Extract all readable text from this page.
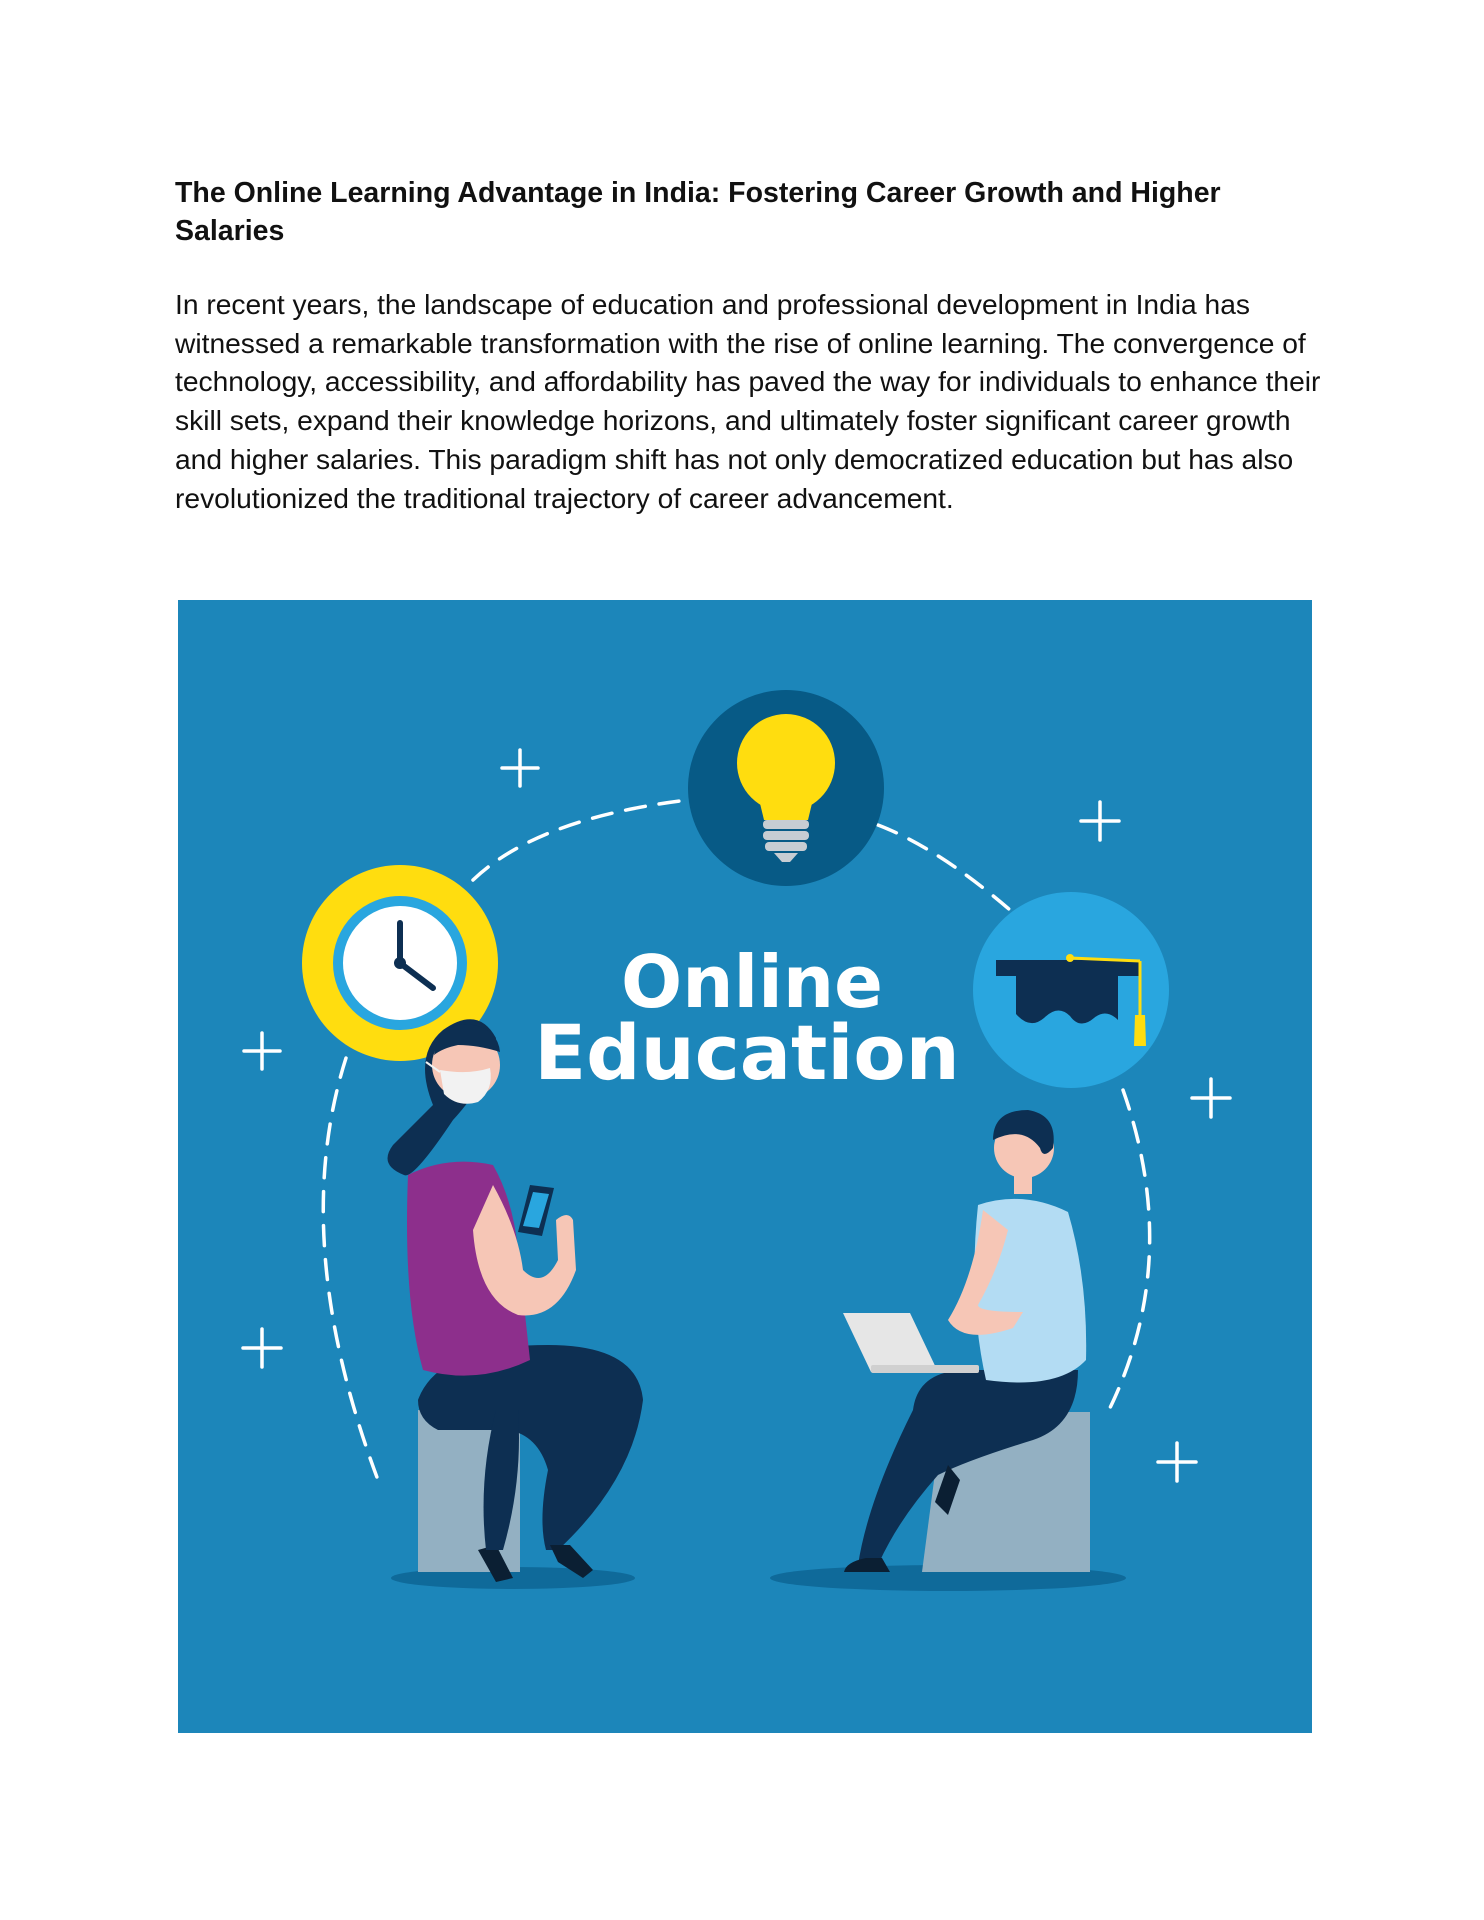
The Online Learning Advantage in India: Fostering Career Growth and Higher Salaries

In recent years, the landscape of education and professional development in India has witnessed a remarkable transformation with the rise of online learning. The convergence of technology, accessibility, and affordability has paved the way for individuals to enhance their skill sets, expand their knowledge horizons, and ultimately foster significant career growth and higher salaries. This paradigm shift has not only democratized education but has also revolutionized the traditional trajectory of career advancement.

Online
Education
